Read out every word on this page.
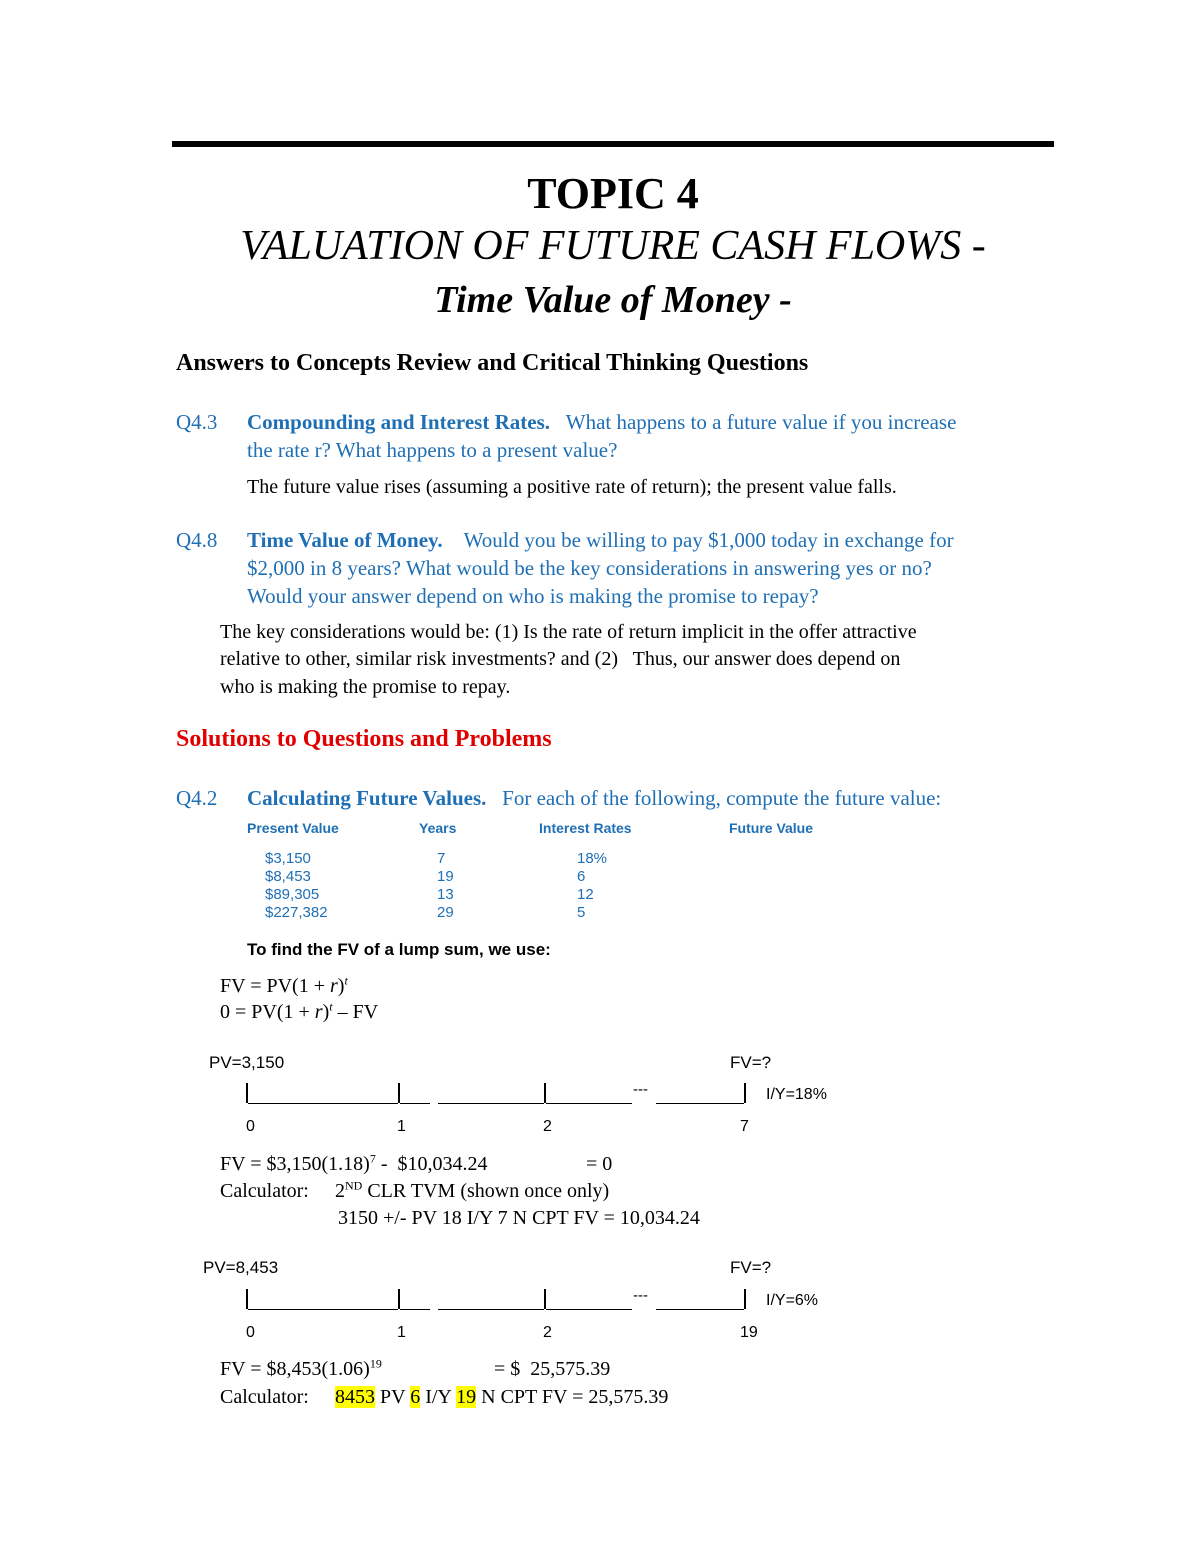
TOPIC 4
VALUATION OF FUTURE CASH FLOWS -
Time Value of Money -
Answers to Concepts Review and Critical Thinking Questions
Q4.3 Compounding and Interest Rates. What happens to a future value if you increase
the rate r? What happens to a present value?
The future value rises (assuming a positive rate of return); the present value falls.
Q4.8 Time Value of Money. Would you be willing to pay $1,000 today in exchange for
$2,000 in 8 years? What would be the key considerations in answering yes or no?
Would your answer depend on who is making the promise to repay?
The key considerations would be: (1) Is the rate of return implicit in the offer attractive
relative to other, similar risk investments? and (2)   Thus, our answer does depend on
who is making the promise to repay.
Solutions to Questions and Problems
Q4.2 Calculating Future Values. For each of the following, compute the future value:
Present Value	Years	Interest Rates	Future Value
$3,150	7	18%
$8,453	19	6
$89,305	13	12
$227,382	29	5
To find the FV of a lump sum, we use:
FV = $PV(1 + r)^t$
$0 = PV(1 + r)^t$ – FV
PV=3,150	FV=?
---	I/Y=18%
0	1	2	7
FV = $\$3,150(1.18)^7$ -  $10,034.24	= 0
Calculator: 2ND CLR TVM (shown once only)
3150 +/- PV 18 I/Y 7 N CPT FV = 10,034.24
PV=8,453	FV=?
---	I/Y=6%
0	1	2	19
FV = $\$8,453(1.06)^{19}$	= $  25,575.39
Calculator: 8453 PV 6 I/Y 19 N CPT FV = 25,575.39
